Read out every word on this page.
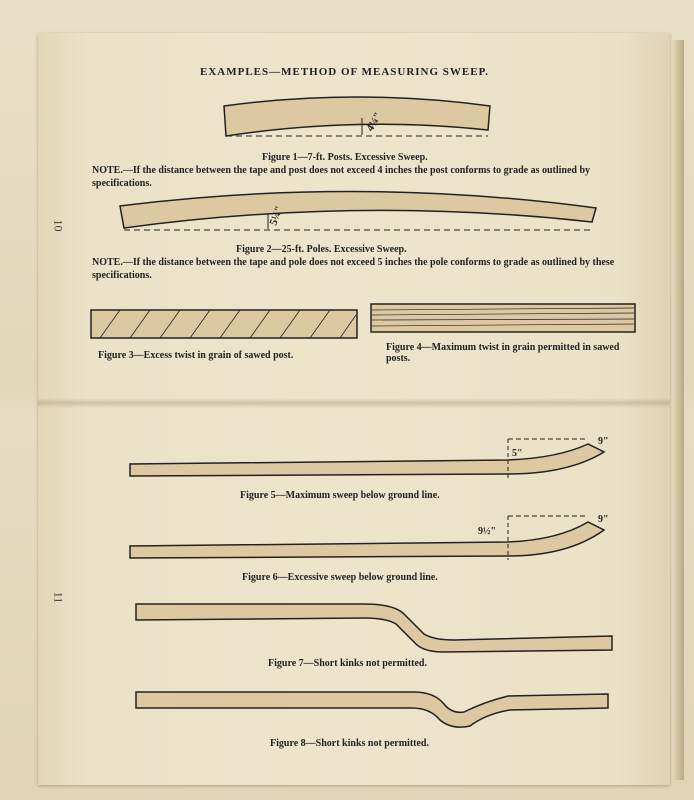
10
11

EXAMPLES—METHOD OF MEASURING SWEEP.

4¼"

Figure 1—7-ft. Posts. Excessive Sweep.

NOTE.—If the distance between the tape and post does not exceed 4 inches the post conforms to grade as outlined by specifications.

5¼"

Figure 2—25-ft. Poles. Excessive Sweep.

NOTE.—If the distance between the tape and pole does not exceed 5 inches the pole conforms to grade as outlined by these specifications.

Figure 3—Excess twist in grain of sawed post.

Figure 4—Maximum twist in grain permitted in sawed posts.

5"
9"

Figure 5—Maximum sweep below ground line.

9½"
9"

Figure 6—Excessive sweep below ground line.

Figure 7—Short kinks not permitted.

Figure 8—Short kinks not permitted.
